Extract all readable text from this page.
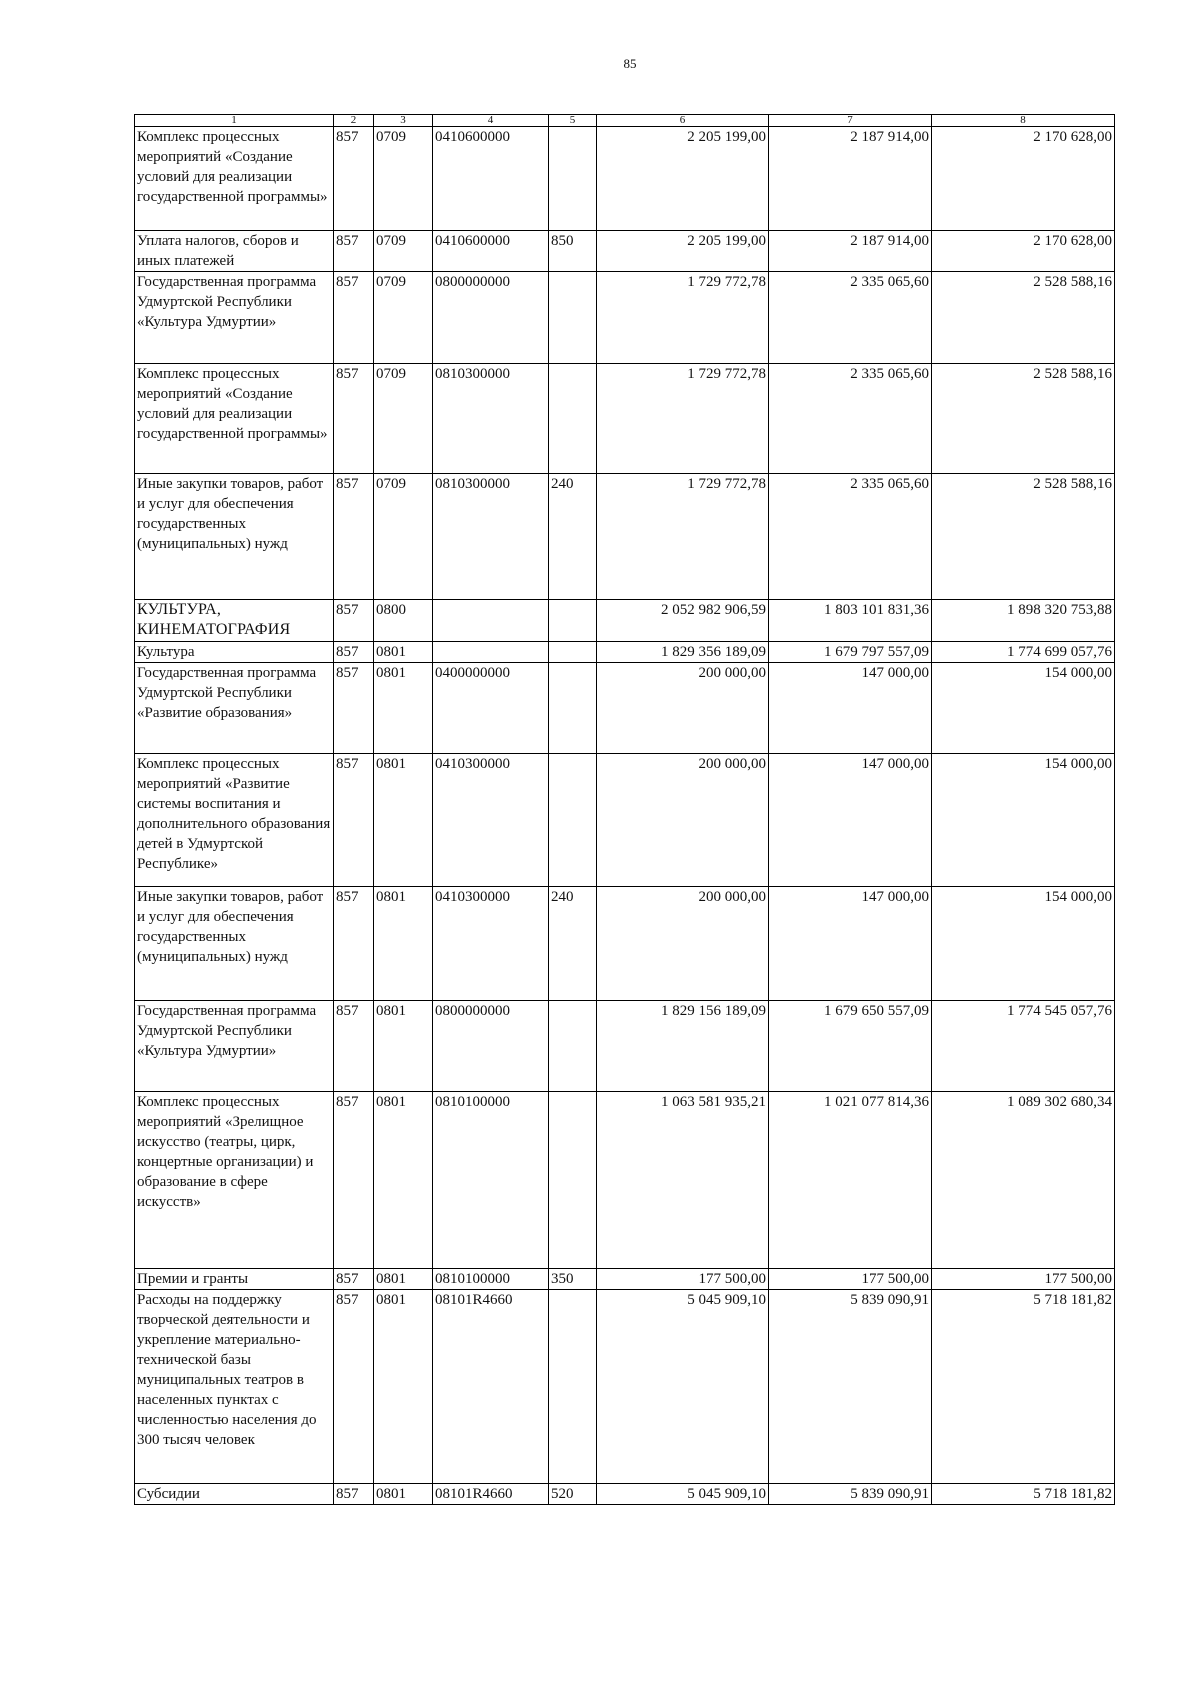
85
1	2	3	4	5	6	7	8
Комплекс процессных мероприятий «Создание условий для реализации государственной программы»	857	0709	0410600000		2 205 199,00	2 187 914,00	2 170 628,00
Уплата налогов, сборов и иных платежей	857	0709	0410600000	850	2 205 199,00	2 187 914,00	2 170 628,00
Государственная программа Удмуртской Республики «Культура Удмуртии»	857	0709	0800000000		1 729 772,78	2 335 065,60	2 528 588,16
Комплекс процессных мероприятий «Создание условий для реализации государственной программы»	857	0709	0810300000		1 729 772,78	2 335 065,60	2 528 588,16
Иные закупки товаров, работ и услуг для обеспечения государственных (муниципальных) нужд	857	0709	0810300000	240	1 729 772,78	2 335 065,60	2 528 588,16
КУЛЬТУРА, КИНЕМАТОГРАФИЯ	857	0800			2 052 982 906,59	1 803 101 831,36	1 898 320 753,88
Культура	857	0801			1 829 356 189,09	1 679 797 557,09	1 774 699 057,76
Государственная программа Удмуртской Республики «Развитие образования»	857	0801	0400000000		200 000,00	147 000,00	154 000,00
Комплекс процессных мероприятий «Развитие системы воспитания и дополнительного образования детей в Удмуртской Республике»	857	0801	0410300000		200 000,00	147 000,00	154 000,00
Иные закупки товаров, работ и услуг для обеспечения государственных (муниципальных) нужд	857	0801	0410300000	240	200 000,00	147 000,00	154 000,00
Государственная программа Удмуртской Республики «Культура Удмуртии»	857	0801	0800000000		1 829 156 189,09	1 679 650 557,09	1 774 545 057,76
Комплекс процессных мероприятий «Зрелищное искусство (театры, цирк, концертные организации) и образование в сфере искусств»	857	0801	0810100000		1 063 581 935,21	1 021 077 814,36	1 089 302 680,34
Премии и гранты	857	0801	0810100000	350	177 500,00	177 500,00	177 500,00
Расходы на поддержку творческой деятельности и укрепление материально-технической базы муниципальных театров в населенных пунктах с численностью населения до 300 тысяч человек	857	0801	08101R4660		5 045 909,10	5 839 090,91	5 718 181,82
Субсидии	857	0801	08101R4660	520	5 045 909,10	5 839 090,91	5 718 181,82
